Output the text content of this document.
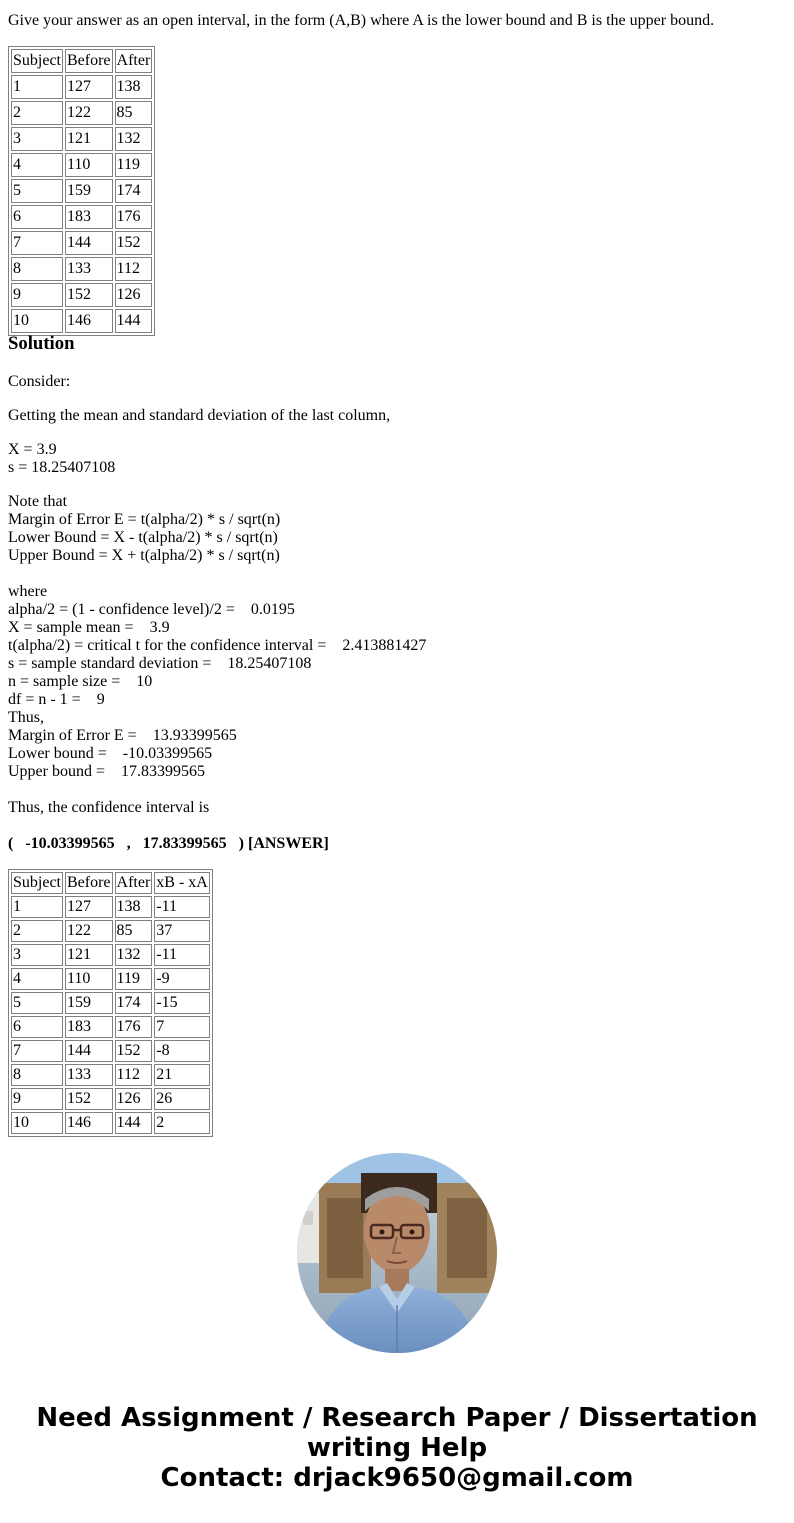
Give your answer as an open interval, in the form (A,B) where A is the lower bound and B is the upper bound.
Subject	Before	After
1	127	138
2	122	85
3	121	132
4	110	119
5	159	174
6	183	176
7	144	152
8	133	112
9	152	126
10	146	144
Solution
Consider:
Getting the mean and standard deviation of the last column,
X = 3.9
s = 18.25407108
Note that
Margin of Error E = t(alpha/2) * s / sqrt(n)
Lower Bound = X - t(alpha/2) * s / sqrt(n)
Upper Bound = X + t(alpha/2) * s / sqrt(n)
where
alpha/2 = (1 - confidence level)/2 =    0.0195
X = sample mean =    3.9
t(alpha/2) = critical t for the confidence interval =    2.413881427
s = sample standard deviation =    18.25407108
n = sample size =    10
df = n - 1 =    9
Thus,
Margin of Error E =    13.93399565
Lower bound =    -10.03399565
Upper bound =    17.83399565
Thus, the confidence interval is
(   -10.03399565   ,   17.83399565   ) [ANSWER]
Subject	Before	After	xB - xA
1	127	138	-11
2	122	85	37
3	121	132	-11
4	110	119	-9
5	159	174	-15
6	183	176	7
7	144	152	-8
8	133	112	21
9	152	126	26
10	146	144	2
Need Assignment / Research Paper / Dissertation
writing Help
Contact: drjack9650@gmail.com
